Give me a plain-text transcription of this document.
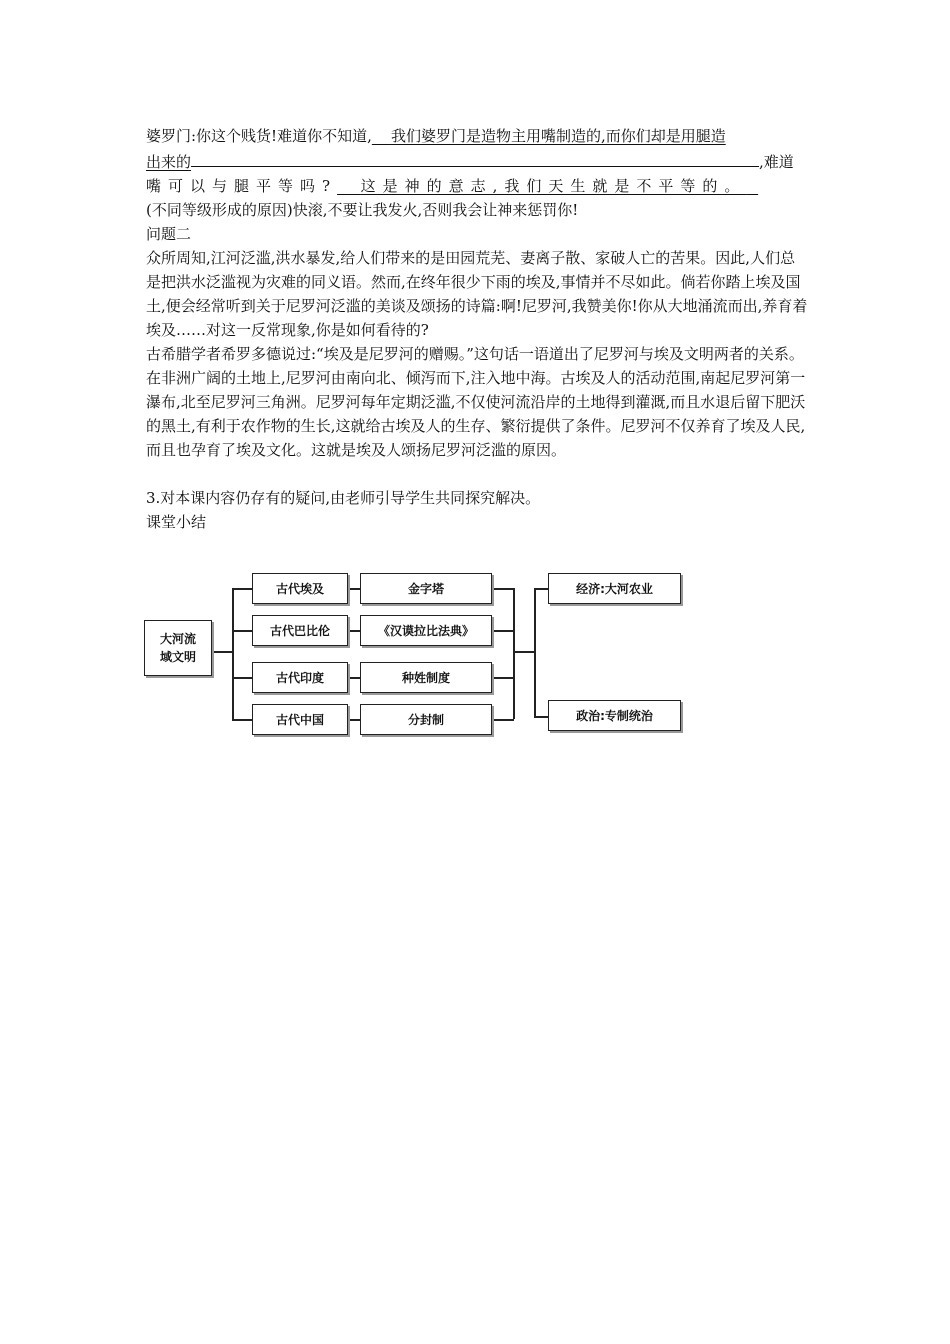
婆罗门:你这个贱货!难道你不知道, 我们婆罗门是造物主用嘴制造的,而你们却是用腿造

出来的	,难道

嘴可以与腿平等吗? 这是神的意志,我们天生就是不平等的。

(不同等级形成的原因)快滚,不要让我发火,否则我会让神来惩罚你!

问题二

众所周知,江河泛滥,洪水暴发,给人们带来的是田园荒芜、妻离子散、家破人亡的苦果。因此,人们总是把洪水泛滥视为灾难的同义语。然而,在终年很少下雨的埃及,事情并不尽如此。倘若你踏上埃及国土,便会经常听到关于尼罗河泛滥的美谈及颂扬的诗篇:啊!尼罗河,我赞美你!你从大地涌流而出,养育着埃及……对这一反常现象,你是如何看待的?

古希腊学者希罗多德说过:“埃及是尼罗河的赠赐。”这句话一语道出了尼罗河与埃及文明两者的关系。在非洲广阔的土地上,尼罗河由南向北、倾泻而下,注入地中海。古埃及人的活动范围,南起尼罗河第一瀑布,北至尼罗河三角洲。尼罗河每年定期泛滥,不仅使河流沿岸的土地得到灌溉,而且水退后留下肥沃的黑土,有利于农作物的生长,这就给古埃及人的生存、繁衍提供了条件。尼罗河不仅养育了埃及人民,而且也孕育了埃及文化。这就是埃及人颂扬尼罗河泛滥的原因。

3.对本课内容仍存有的疑问,由老师引导学生共同探究解决。

课堂小结

大河流
域文明
古代埃及
古代巴比伦
古代印度
古代中国
金字塔
《汉谟拉比法典》
种姓制度
分封制
经济:大河农业
政治:专制统治
